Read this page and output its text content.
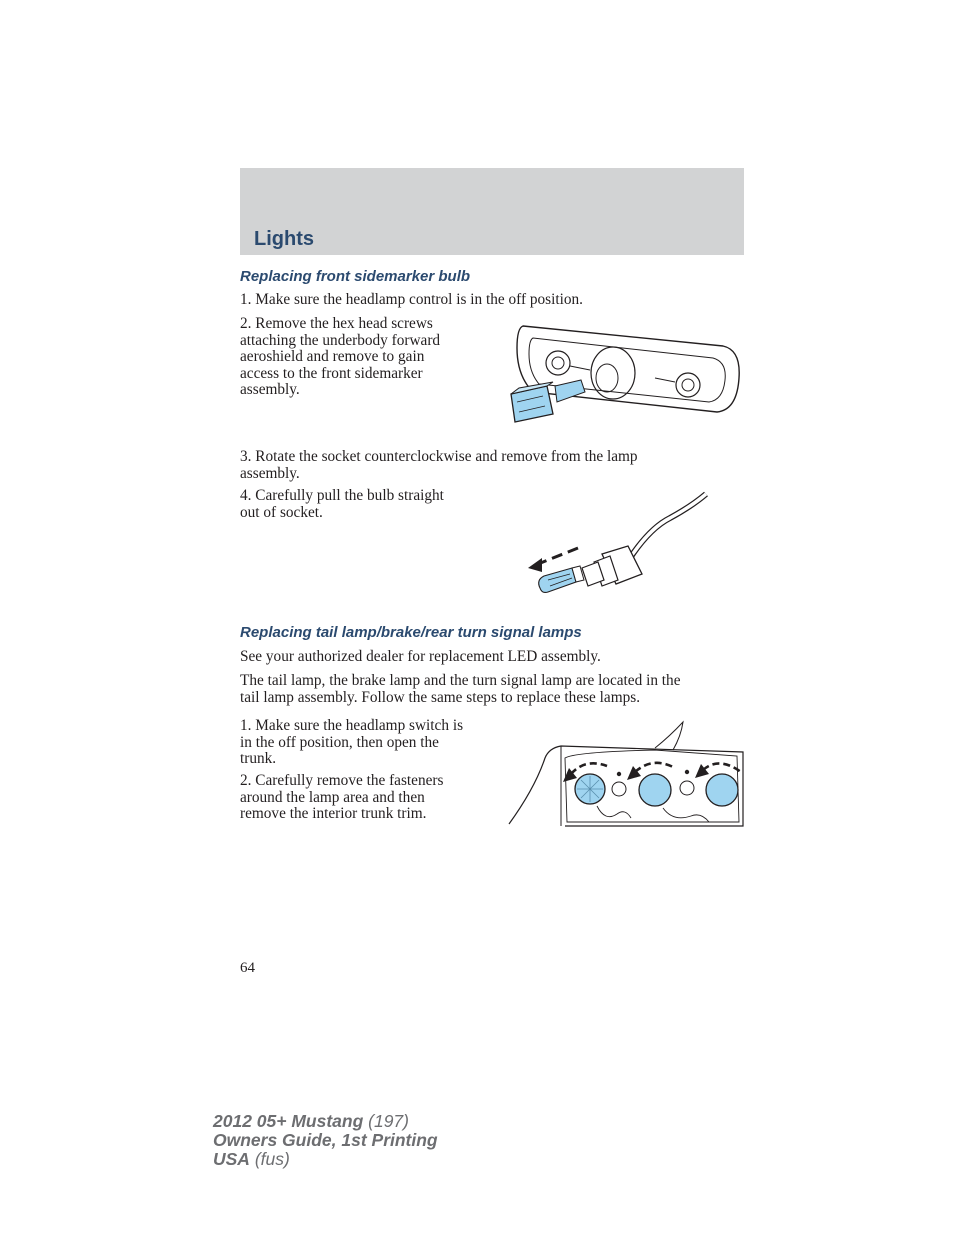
Lights
Replacing front sidemarker bulb
1. Make sure the headlamp control is in the off position.
2. Remove the hex head screws
attaching the underbody forward
aeroshield and remove to gain
access to the front sidemarker
assembly.
3. Rotate the socket counterclockwise and remove from the lamp
assembly.
4. Carefully pull the bulb straight
out of socket.
Replacing tail lamp/brake/rear turn signal lamps
See your authorized dealer for replacement LED assembly.
The tail lamp, the brake lamp and the turn signal lamp are located in the
tail lamp assembly. Follow the same steps to replace these lamps.
1. Make sure the headlamp switch is
in the off position, then open the
trunk.
2. Carefully remove the fasteners
around the lamp area and then
remove the interior trunk trim.
64
2012 05+ Mustang (197)
Owners Guide, 1st Printing
USA (fus)
